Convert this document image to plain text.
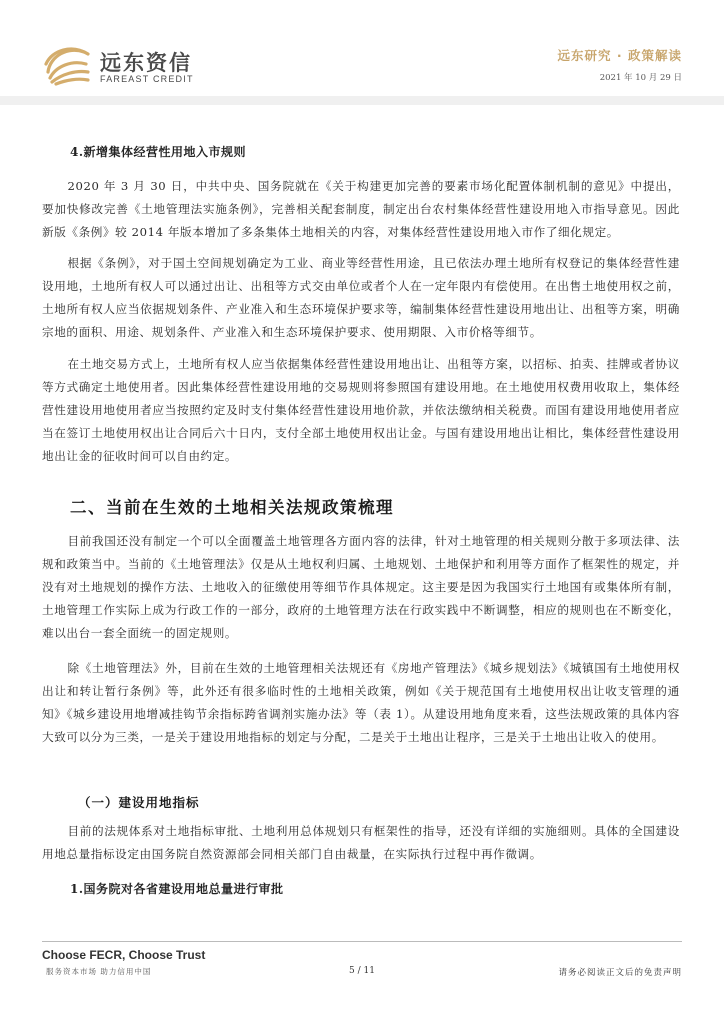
远东资信
FAREAST CREDIT
远东研究 · 政策解读
2021 年 10 月 29 日
4.新增集体经营性用地入市规则

2020 年 3 月 30 日，中共中央、国务院就在《关于构建更加完善的要素市场化配置体制机制的意见》中提出，要加快修改完善《土地管理法实施条例》，完善相关配套制度，制定出台农村集体经营性建设用地入市指导意见。因此新版《条例》较 2014 年版本增加了多条集体土地相关的内容，对集体经营性建设用地入市作了细化规定。

根据《条例》，对于国土空间规划确定为工业、商业等经营性用途，且已依法办理土地所有权登记的集体经营性建设用地，土地所有权人可以通过出让、出租等方式交由单位或者个人在一定年限内有偿使用。在出售土地使用权之前，土地所有权人应当依据规划条件、产业准入和生态环境保护要求等，编制集体经营性建设用地出让、出租等方案，明确宗地的面积、用途、规划条件、产业准入和生态环境保护要求、使用期限、入市价格等细节。

在土地交易方式上，土地所有权人应当依据集体经营性建设用地出让、出租等方案，以招标、拍卖、挂牌或者协议等方式确定土地使用者。因此集体经营性建设用地的交易规则将参照国有建设用地。在土地使用权费用收取上，集体经营性建设用地使用者应当按照约定及时支付集体经营性建设用地价款，并依法缴纳相关税费。而国有建设用地使用者应当在签订土地使用权出让合同后六十日内，支付全部土地使用权出让金。与国有建设用地出让相比，集体经营性建设用地出让金的征收时间可以自由约定。

二、当前在生效的土地相关法规政策梳理

目前我国还没有制定一个可以全面覆盖土地管理各方面内容的法律，针对土地管理的相关规则分散于多项法律、法规和政策当中。当前的《土地管理法》仅是从土地权利归属、土地规划、土地保护和利用等方面作了框架性的规定，并没有对土地规划的操作方法、土地收入的征缴使用等细节作具体规定。这主要是因为我国实行土地国有或集体所有制，土地管理工作实际上成为行政工作的一部分，政府的土地管理方法在行政实践中不断调整，相应的规则也在不断变化，难以出台一套全面统一的固定规则。

除《土地管理法》外，目前在生效的土地管理相关法规还有《房地产管理法》《城乡规划法》《城镇国有土地使用权出让和转让暂行条例》等，此外还有很多临时性的土地相关政策，例如《关于规范国有土地使用权出让收支管理的通知》《城乡建设用地增减挂钩节余指标跨省调剂实施办法》等（表 1）。从建设用地角度来看，这些法规政策的具体内容大致可以分为三类，一是关于建设用地指标的划定与分配，二是关于土地出让程序，三是关于土地出让收入的使用。

（一）建设用地指标

目前的法规体系对土地指标审批、土地利用总体规划只有框架性的指导，还没有详细的实施细则。具体的全国建设用地总量指标设定由国务院自然资源部会同相关部门自由裁量，在实际执行过程中再作微调。

1.国务院对各省建设用地总量进行审批
Choose FECR, Choose Trust
服务资本市场 助力信用中国	5 / 11	请务必阅读正文后的免责声明
